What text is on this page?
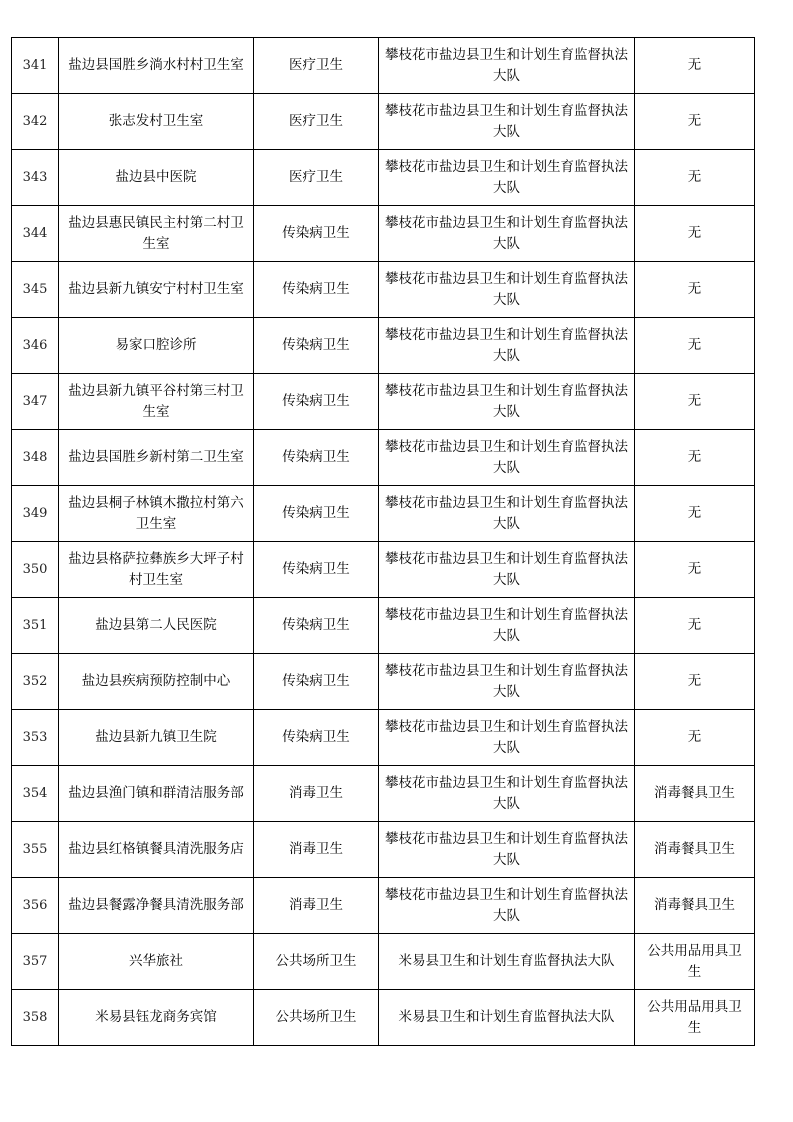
341	盐边县国胜乡淌水村村卫生室	医疗卫生	攀枝花市盐边县卫生和计划生育监督执法大队	无
342	张志发村卫生室	医疗卫生	攀枝花市盐边县卫生和计划生育监督执法大队	无
343	盐边县中医院	医疗卫生	攀枝花市盐边县卫生和计划生育监督执法大队	无
344	盐边县惠民镇民主村第二村卫生室	传染病卫生	攀枝花市盐边县卫生和计划生育监督执法大队	无
345	盐边县新九镇安宁村村卫生室	传染病卫生	攀枝花市盐边县卫生和计划生育监督执法大队	无
346	易家口腔诊所	传染病卫生	攀枝花市盐边县卫生和计划生育监督执法大队	无
347	盐边县新九镇平谷村第三村卫生室	传染病卫生	攀枝花市盐边县卫生和计划生育监督执法大队	无
348	盐边县国胜乡新村第二卫生室	传染病卫生	攀枝花市盐边县卫生和计划生育监督执法大队	无
349	盐边县桐子林镇木撒拉村第六卫生室	传染病卫生	攀枝花市盐边县卫生和计划生育监督执法大队	无
350	盐边县格萨拉彝族乡大坪子村村卫生室	传染病卫生	攀枝花市盐边县卫生和计划生育监督执法大队	无
351	盐边县第二人民医院	传染病卫生	攀枝花市盐边县卫生和计划生育监督执法大队	无
352	盐边县疾病预防控制中心	传染病卫生	攀枝花市盐边县卫生和计划生育监督执法大队	无
353	盐边县新九镇卫生院	传染病卫生	攀枝花市盐边县卫生和计划生育监督执法大队	无
354	盐边县渔门镇和群清洁服务部	消毒卫生	攀枝花市盐边县卫生和计划生育监督执法大队	消毒餐具卫生
355	盐边县红格镇餐具清洗服务店	消毒卫生	攀枝花市盐边县卫生和计划生育监督执法大队	消毒餐具卫生
356	盐边县餐露净餐具清洗服务部	消毒卫生	攀枝花市盐边县卫生和计划生育监督执法大队	消毒餐具卫生
357	兴华旅社	公共场所卫生	米易县卫生和计划生育监督执法大队	公共用品用具卫生
358	米易县钰龙商务宾馆	公共场所卫生	米易县卫生和计划生育监督执法大队	公共用品用具卫生
